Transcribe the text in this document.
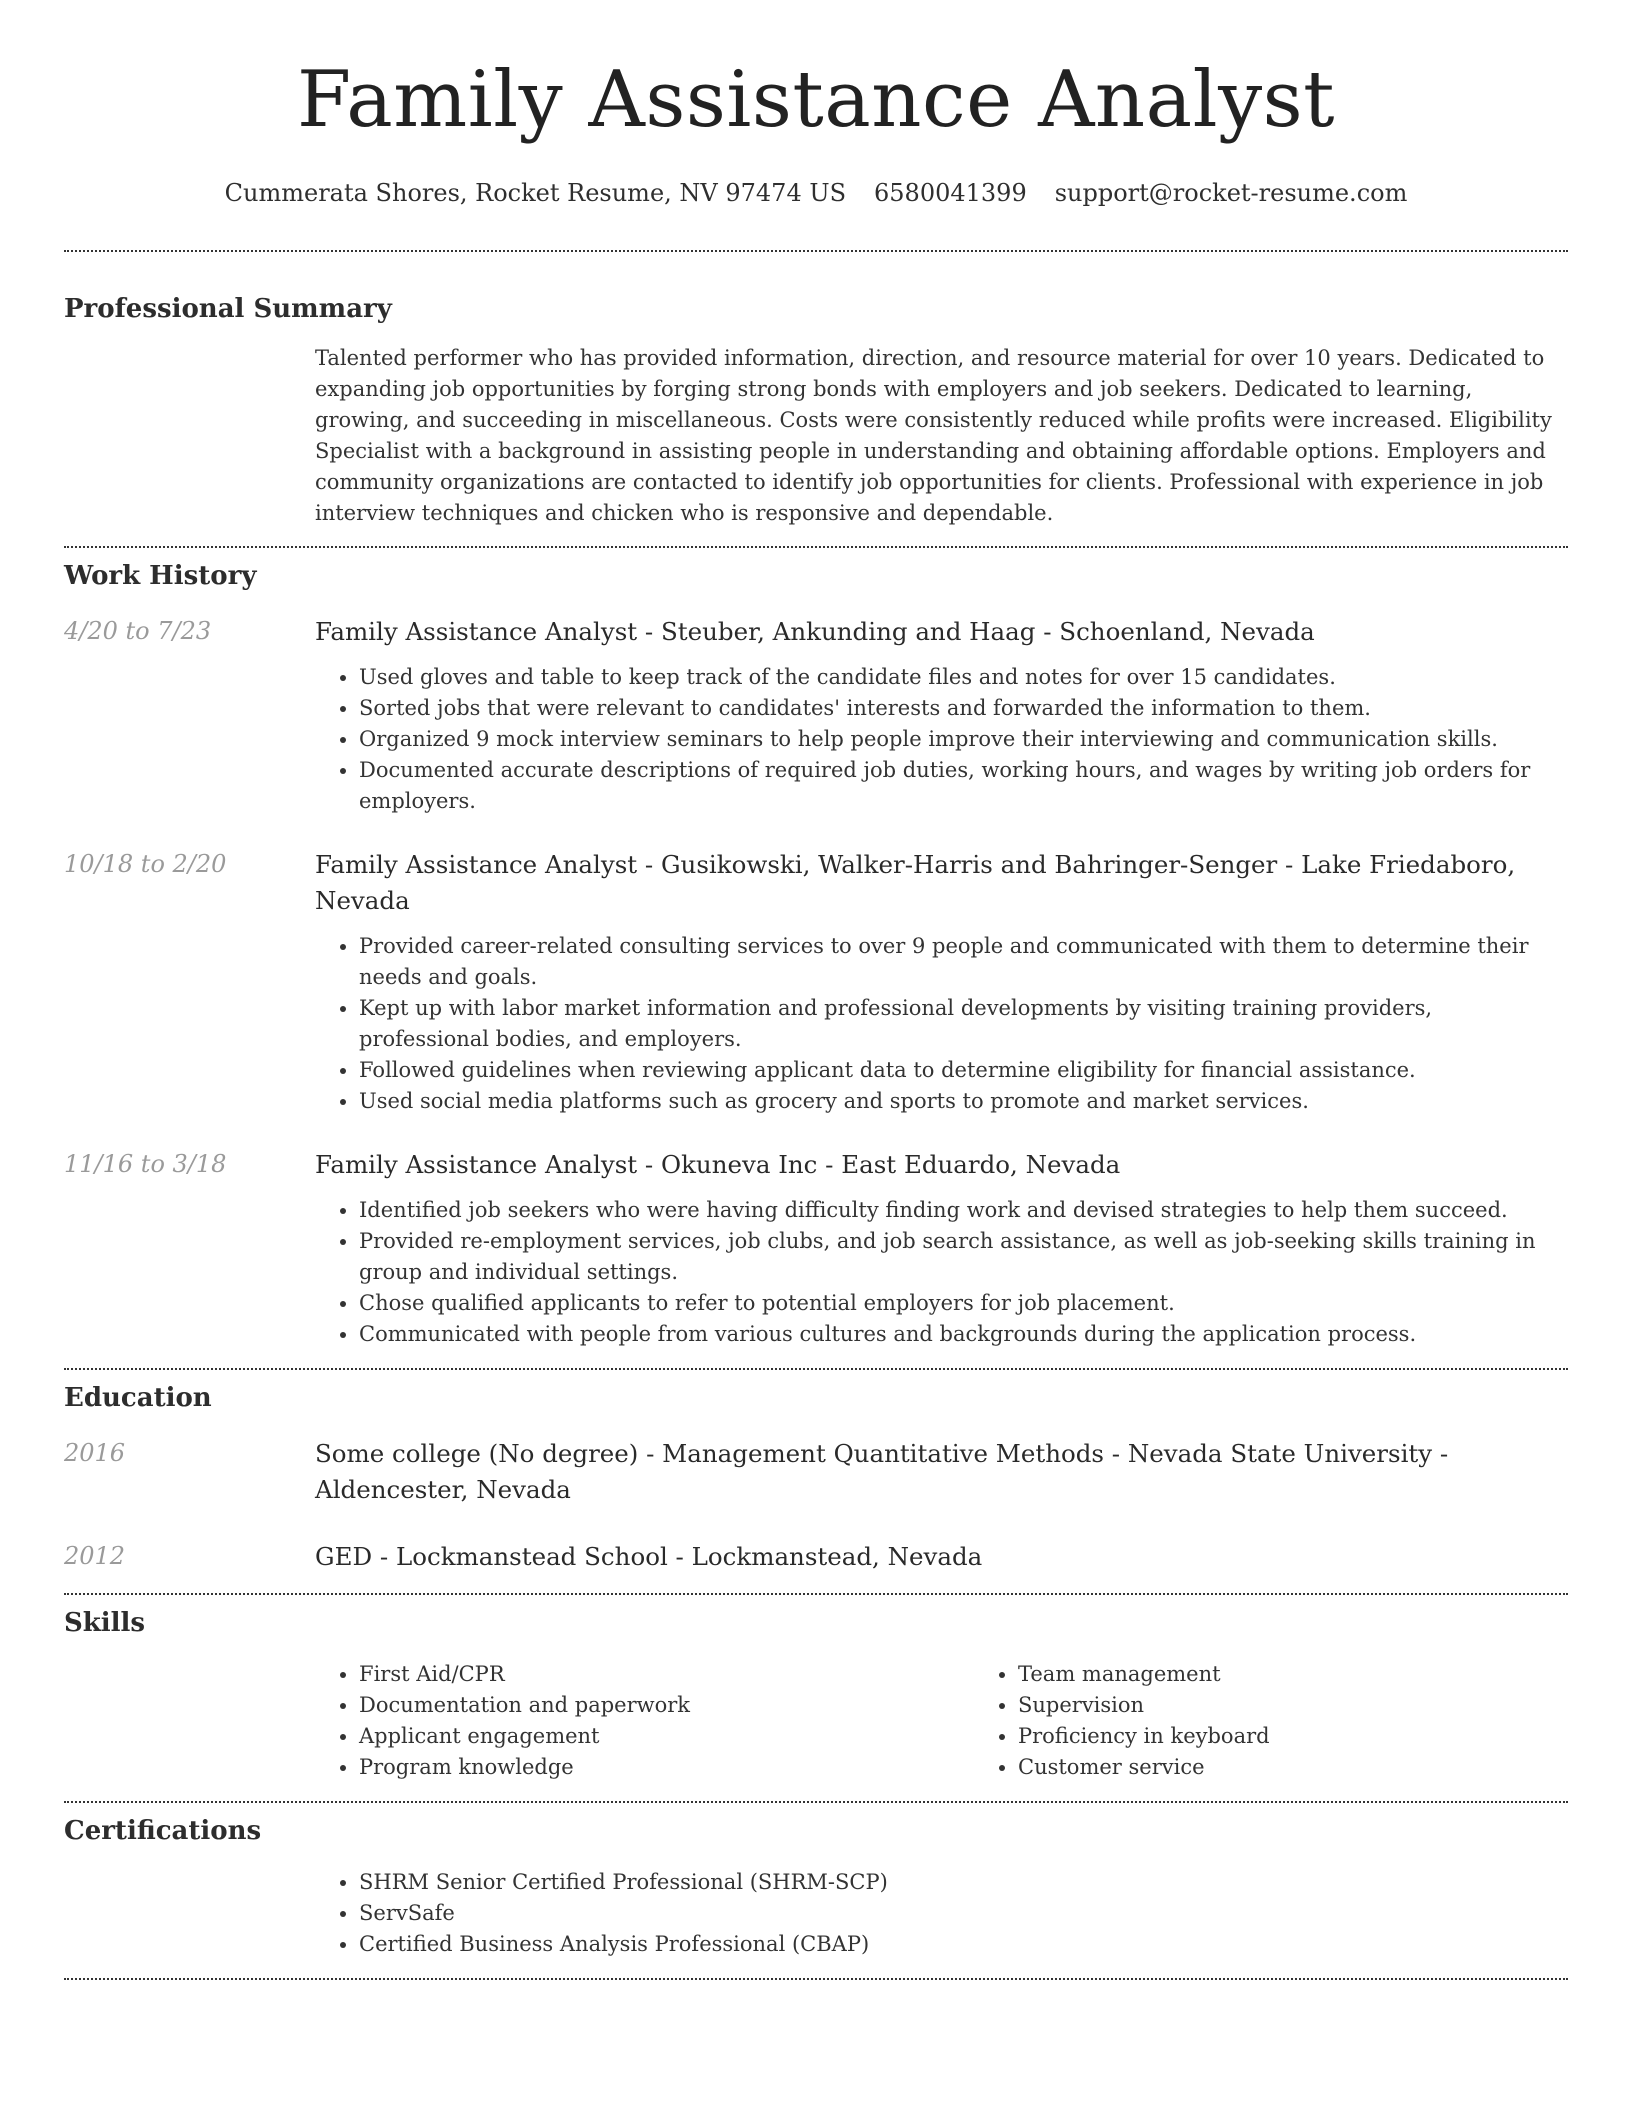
Family Assistance Analyst
Cummerata Shores, Rocket Resume, NV 97474 US 6580041399 support@rocket-resume.com
Professional Summary

Talented performer who has provided information, direction, and resource material for over 10 years. Dedicated to expanding job opportunities by forging strong bonds with employers and job seekers. Dedicated to learning, growing, and succeeding in miscellaneous. Costs were consistently reduced while profits were increased. Eligibility Specialist with a background in assisting people in understanding and obtaining affordable options. Employers and community organizations are contacted to identify job opportunities for clients. Professional with experience in job interview techniques and chicken who is responsive and dependable.

Work History
4/20 to 7/23	Family Assistance Analyst - Steuber, Ankunding and Haag - Schoenland, Nevada

• Used gloves and table to keep track of the candidate files and notes for over 15 candidates.
• Sorted jobs that were relevant to candidates' interests and forwarded the information to them.
• Organized 9 mock interview seminars to help people improve their interviewing and communication skills.
• Documented accurate descriptions of required job duties, working hours, and wages by writing job orders for employers.
10/18 to 2/20	Family Assistance Analyst - Gusikowski, Walker-Harris and Bahringer-Senger - Lake Friedaboro, Nevada

• Provided career-related consulting services to over 9 people and communicated with them to determine their needs and goals.
• Kept up with labor market information and professional developments by visiting training providers, professional bodies, and employers.
• Followed guidelines when reviewing applicant data to determine eligibility for financial assistance.
• Used social media platforms such as grocery and sports to promote and market services.
11/16 to 3/18	Family Assistance Analyst - Okuneva Inc - East Eduardo, Nevada

• Identified job seekers who were having difficulty finding work and devised strategies to help them succeed.
• Provided re-employment services, job clubs, and job search assistance, as well as job-seeking skills training in group and individual settings.
• Chose qualified applicants to refer to potential employers for job placement.
• Communicated with people from various cultures and backgrounds during the application process.
Education
2016	Some college (No degree) - Management Quantitative Methods - Nevada State University - Aldencester, Nevada

2012	GED - Lockmanstead School - Lockmanstead, Nevada

Skills
• First Aid/CPR
• Documentation and paperwork
• Applicant engagement
• Program knowledge
• Team management
• Supervision
• Proficiency in keyboard
• Customer service
Certifications
• SHRM Senior Certified Professional (SHRM-SCP)
• ServSafe
• Certified Business Analysis Professional (CBAP)
